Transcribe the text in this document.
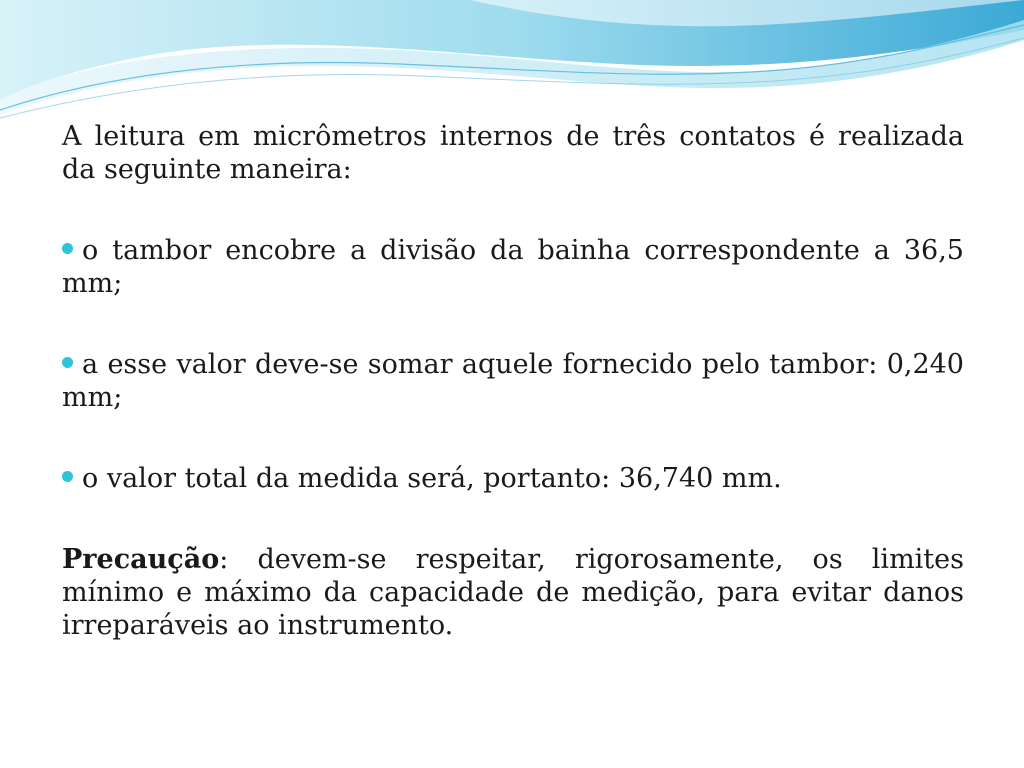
A leitura em micrômetros internos de três contatos é realizada da seguinte maneira:

o tambor encobre a divisão da bainha correspondente a 36,5 mm;

a esse valor deve-se somar aquele fornecido pelo tambor: 0,240 mm;

o valor total da medida será, portanto: 36,740 mm.

Precaução: devem-se respeitar, rigorosamente, os limites mínimo e máximo da capacidade de medição, para evitar danos irreparáveis ao instrumento.
